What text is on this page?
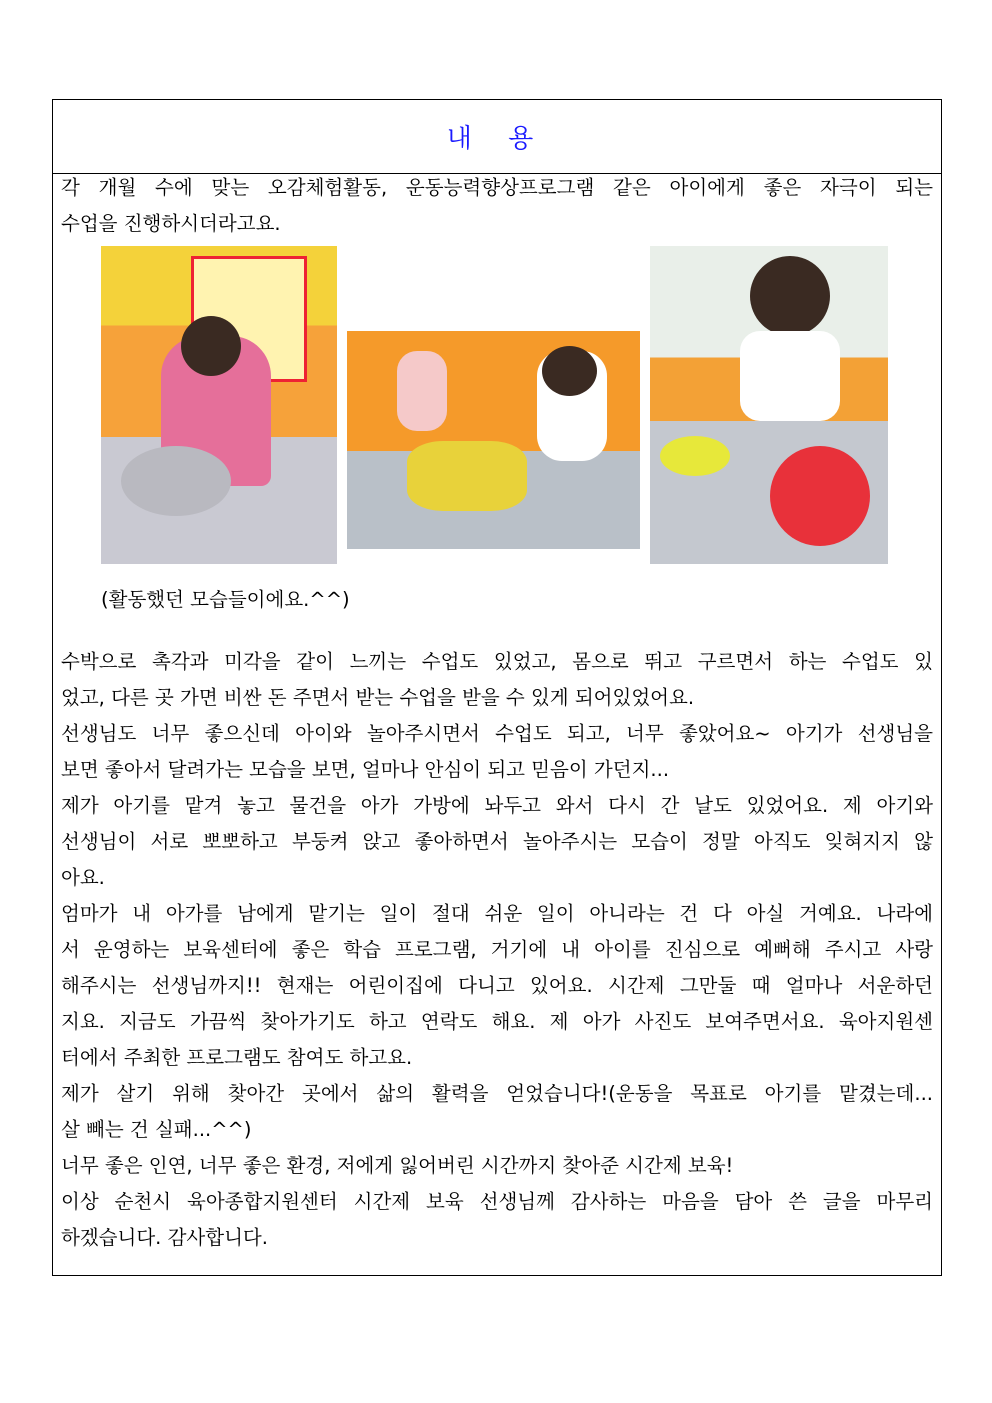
내 용
각 개월 수에 맞는 오감체험활동, 운동능력향상프로그램 같은 아이에게 좋은 자극이 되는
수업을 진행하시더라고요.
(활동했던 모습들이에요.^^)
수박으로 촉각과 미각을 같이 느끼는 수업도 있었고, 몸으로 뛰고 구르면서 하는 수업도 있
었고, 다른 곳 가면 비싼 돈 주면서 받는 수업을 받을 수 있게 되어있었어요.
선생님도 너무 좋으신데 아이와 놀아주시면서 수업도 되고, 너무 좋았어요~ 아기가 선생님을
보면 좋아서 달려가는 모습을 보면, 얼마나 안심이 되고 믿음이 가던지...
제가 아기를 맡겨 놓고 물건을 아가 가방에 놔두고 와서 다시 간 날도 있었어요. 제 아기와
선생님이 서로 뽀뽀하고 부둥켜 앉고 좋아하면서 놀아주시는 모습이 정말 아직도 잊혀지지 않
아요.
엄마가 내 아가를 남에게 맡기는 일이 절대 쉬운 일이 아니라는 건 다 아실 거예요. 나라에
서 운영하는 보육센터에 좋은 학습 프로그램, 거기에 내 아이를 진심으로 예뻐해 주시고 사랑
해주시는 선생님까지!! 현재는 어린이집에 다니고 있어요. 시간제 그만둘 때 얼마나 서운하던
지요. 지금도 가끔씩 찾아가기도 하고 연락도 해요. 제 아가 사진도 보여주면서요. 육아지원센
터에서 주최한 프로그램도 참여도 하고요.
제가 살기 위해 찾아간 곳에서 삶의 활력을 얻었습니다!(운동을 목표로 아기를 맡겼는데...
살 빼는 건 실패...^^)
너무 좋은 인연, 너무 좋은 환경, 저에게 잃어버린 시간까지 찾아준 시간제 보육!
이상 순천시 육아종합지원센터 시간제 보육 선생님께 감사하는 마음을 담아 쓴 글을 마무리
하겠습니다. 감사합니다.
